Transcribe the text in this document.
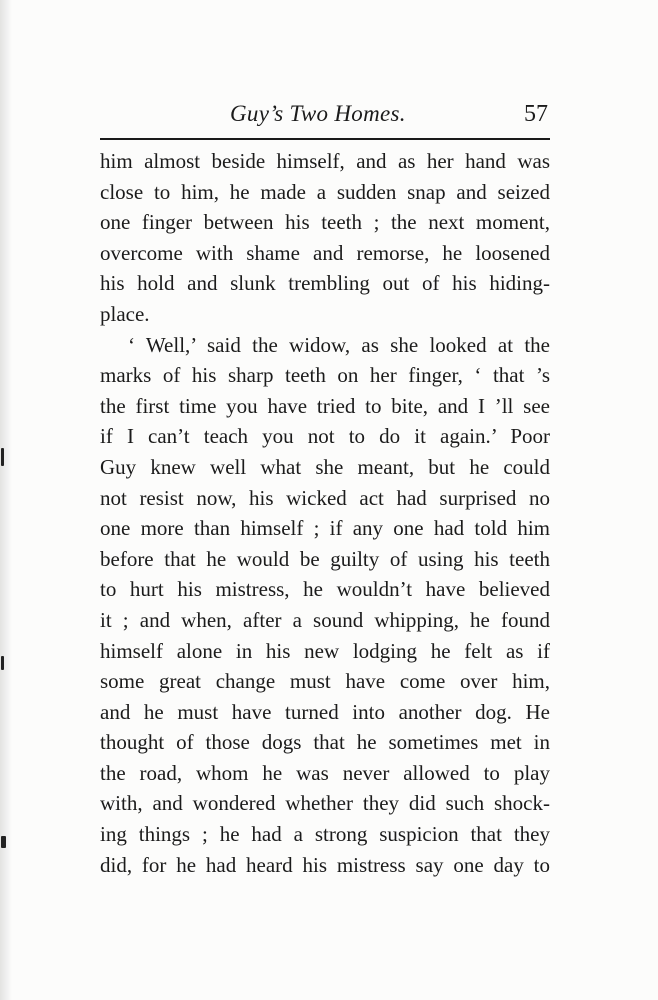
Guy’s Two Homes.	57
him almost beside himself, and as her hand was
close to him, he made a sudden snap and seized
one finger between his teeth ; the next moment,
overcome with shame and remorse, he loosened
his hold and slunk trembling out of his hiding-
place.
‘ Well,’ said the widow, as she looked at the
marks of his sharp teeth on her finger, ‘ that ’s
the first time you have tried to bite, and I ’ll see
if I can’t teach you not to do it again.’ Poor
Guy knew well what she meant, but he could
not resist now, his wicked act had surprised no
one more than himself ; if any one had told him
before that he would be guilty of using his teeth
to hurt his mistress, he wouldn’t have believed
it ; and when, after a sound whipping, he found
himself alone in his new lodging he felt as if
some great change must have come over him,
and he must have turned into another dog. He
thought of those dogs that he sometimes met in
the road, whom he was never allowed to play
with, and wondered whether they did such shock-
ing things ; he had a strong suspicion that they
did, for he had heard his mistress say one day to
